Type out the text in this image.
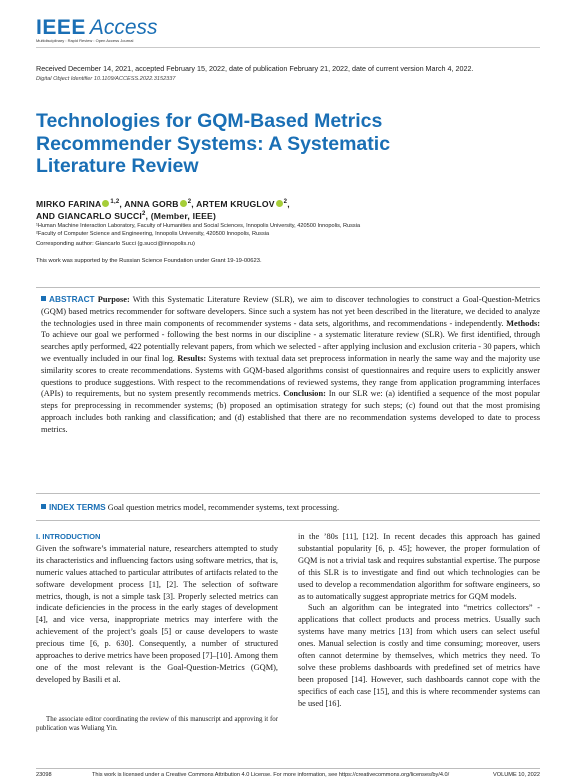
IEEE Access
Multidisciplinary : Rapid Review : Open Access Journal
Received December 14, 2021, accepted February 15, 2022, date of publication February 21, 2022, date of current version March 4, 2022.
Digital Object Identifier 10.1109/ACCESS.2022.3152337
Technologies for GQM-Based Metrics Recommender Systems: A Systematic Literature Review
MIRKO FARINA $^{1,2}$, ANNA GORB $^2$, ARTEM KRUGLOV $^2$,
AND GIANCARLO SUCCI$^2$, (Member, IEEE)
¹Human Machine Interaction Laboratory, Faculty of Humanities and Social Sciences, Innopolis University, 420500 Innopolis, Russia
²Faculty of Computer Science and Engineering, Innopolis University, 420500 Innopolis, Russia
Corresponding author: Giancarlo Succi (g.succi@innopolis.ru)
This work was supported by the Russian Science Foundation under Grant 19-19-00623.
ABSTRACT Purpose: With this Systematic Literature Review (SLR), we aim to discover technologies to construct a Goal-Question-Metrics (GQM) based metrics recommender for software developers. Since such a system has not yet been described in the literature, we decided to analyze the technologies used in three main components of recommender systems - data sets, algorithms, and recommendations - independently. Methods: To achieve our goal we performed - following the best norms in our discipline - a systematic literature review (SLR). We first identified, through searches aptly performed, 422 potentially relevant papers, from which we selected - after applying inclusion and exclusion criteria - 30 papers, which we eventually included in our final log. Results: Systems with textual data set preprocess information in nearly the same way and the majority use similarity scores to create recommendations. Systems with GQM-based algorithms consist of questionnaires and require users to explicitly answer questions to produce suggestions. With respect to the recommendations of reviewed systems, they range from application programming interfaces (APIs) to requirements, but no system presently recommends metrics. Conclusion: In our SLR we: (a) identified a sequence of the most popular steps for preprocessing in recommender systems; (b) proposed an optimisation strategy for such steps; (c) found out that the most promising approach includes both ranking and classification; and (d) established that there are no recommendation systems developed to date to process metrics.
INDEX TERMS Goal question metrics model, recommender systems, text processing.
I. INTRODUCTION

Given the software’s immaterial nature, researchers attempted to study its characteristics and influencing factors using software metrics, that is, numeric values attached to particular attributes of artifacts related to the software development process [1], [2]. The selection of software metrics, though, is not a simple task [3]. Properly selected metrics can indicate deficiencies in the process in the early stages of development [4], and vice versa, inappropriate metrics may interfere with the achievement of the project’s goals [5] or cause developers to waste precious time [6, p. 630]. Consequently, a number of structured approaches to derive metrics have been proposed [7]–[10]. Among them one of the most relevant is the Goal-Question-Metrics (GQM), developed by Basili et al.

in the ’80s [11], [12]. In recent decades this approach has gained substantial popularity [6, p. 45]; however, the proper formulation of GQM is not a trivial task and requires substantial expertise. The purpose of this SLR is to investigate and find out which technologies can be used to develop a recommendation algorithm for software engineers, so as to automatically suggest appropriate metrics for GQM models.

Such an algorithm can be integrated into “metrics collectors” - applications that collect products and process metrics. Usually such systems have many metrics [13] from which users can select useful ones. Manual selection is costly and time consuming; moreover, users often cannot determine by themselves, which metrics they need. To solve these problems dashboards with predefined set of metrics have been proposed [14]. However, such dashboards cannot cope with the specifics of each case [15], and this is where recommender systems can be used [16].

The associate editor coordinating the review of this manuscript and approving it for publication was Wuliang Yin.
23098	This work is licensed under a Creative Commons Attribution 4.0 License. For more information, see https://creativecommons.org/licenses/by/4.0/	VOLUME 10, 2022
